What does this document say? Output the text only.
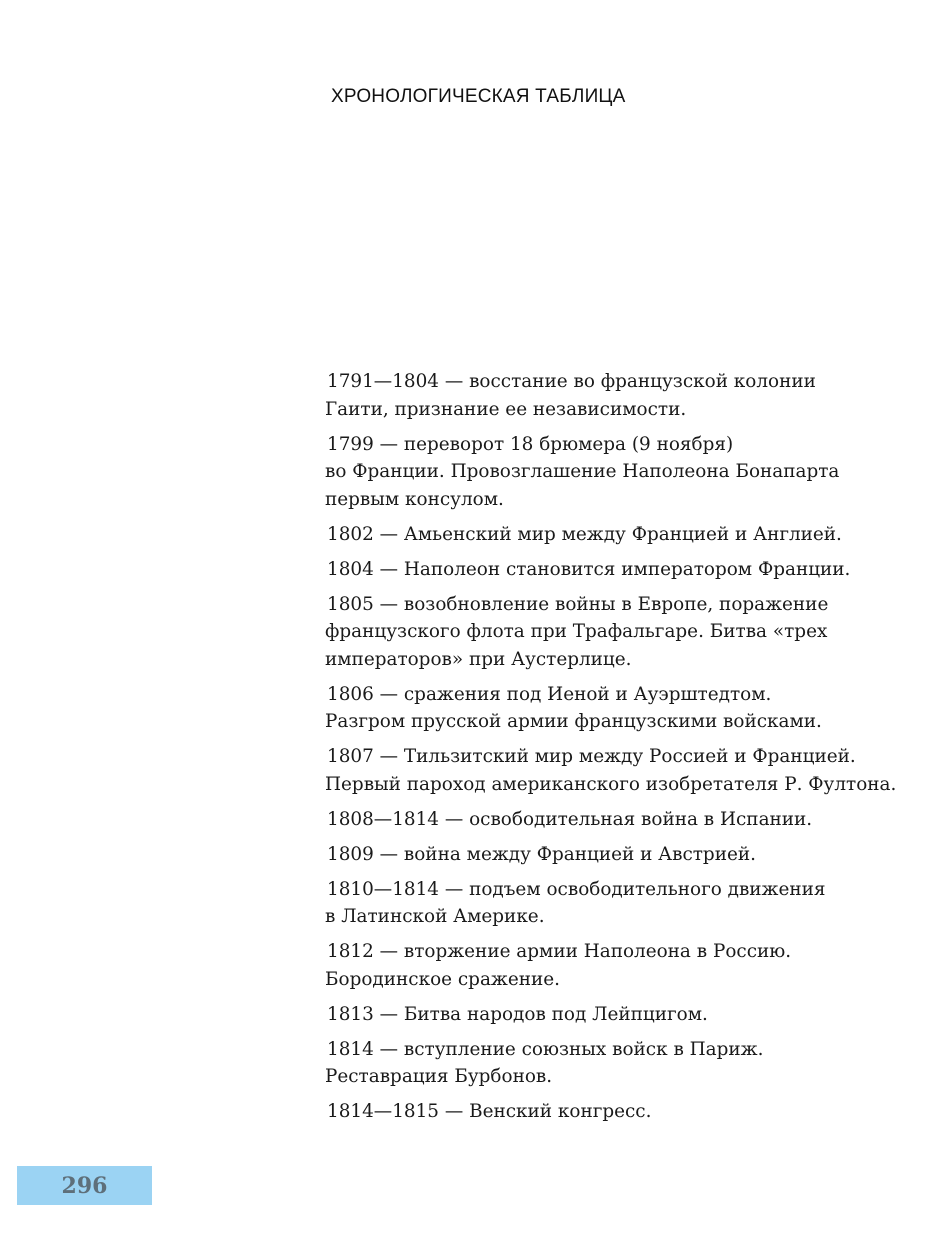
ХРОНОЛОГИЧЕСКАЯ ТАБЛИЦА
1791—1804 — восстание во французской колонии
Гаити, признание ее независимости.
1799 — переворот 18 брюмера (9 ноября)
во Франции. Провозглашение Наполеона Бонапарта
первым консулом.
1802 — Амьенский мир между Францией и Англией.
1804 — Наполеон становится императором Франции.
1805 — возобновление войны в Европе, поражение
французского флота при Трафальгаре. Битва «трех
императоров» при Аустерлице.
1806 — сражения под Иеной и Ауэрштедтом.
Разгром прусской армии французскими войсками.
1807 — Тильзитский мир между Россией и Францией.
Первый пароход американского изобретателя Р. Фултона.
1808—1814 — освободительная война в Испании.
1809 — война между Францией и Австрией.
1810—1814 — подъем освободительного движения
в Латинской Америке.
1812 — вторжение армии Наполеона в Россию.
Бородинское сражение.
1813 — Битва народов под Лейпцигом.
1814 — вступление союзных войск в Париж.
Реставрация Бурбонов.
1814—1815 — Венский конгресс.
296
